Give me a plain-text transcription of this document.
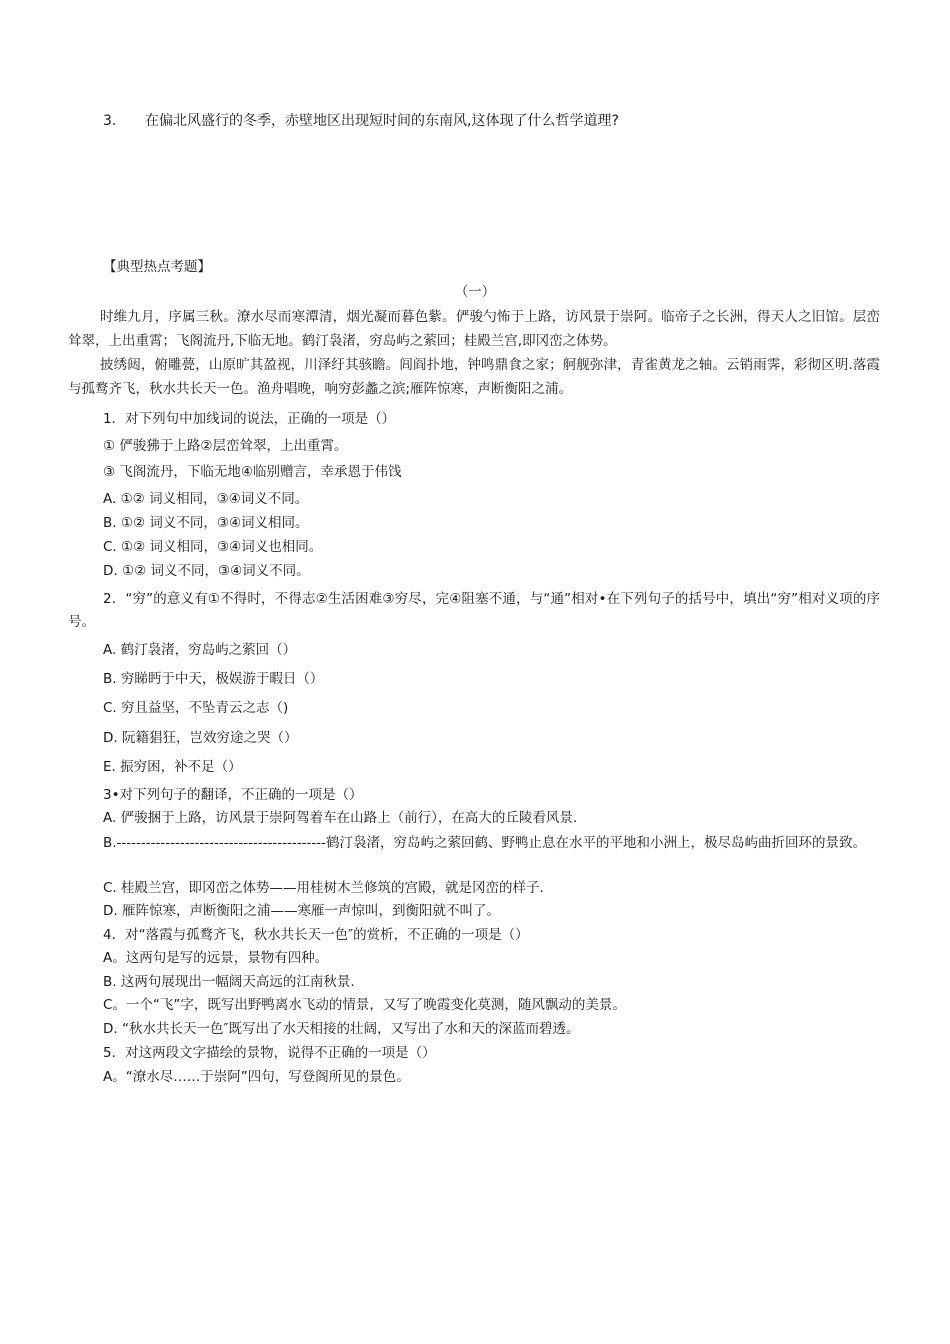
3. 在偏北风盛行的冬季，赤壁地区出现短时间的东南风,这体现了什么哲学道理?
【典型热点考题】
（一）
时维九月，序属三秋。潦水尽而寒潭清，烟光凝而暮色紫。俨骏勺怖于上路，访风景于崇阿。临帝子之长洲，得天人之旧馆。层峦耸翠，上出重霄；飞阁流丹,下临无地。鹤汀袅渚，穷岛屿之萦回；桂殿兰宫,即冈峦之体势。
披绣闼，俯雕甍，山原旷其盈视，川泽纡其骇瞻。闾阎扑地，钟鸣鼎食之家；舸舰弥津，青雀黄龙之轴。云销雨霁，彩彻区明.落霞与孤鹜齐飞，秋水共长天一色。渔舟唱晚，响穷彭蠡之滨;雁阵惊寒，声断衡阳之浦。
1．对下列句中加线词的说法，正确的一项是（）
① 俨骏狒于上路②层峦耸翠，上出重霄。
③ 飞阁流丹，下临无地④临别赠言，幸承恩于伟饯
A. ①② 词义相同，③④词义不同。
B. ①② 词义不同，③④词义相同。
C. ①② 词义相同，③④词义也相同。
D. ①② 词义不同，③④词义不同。
2．“穷”的意义有①不得时，不得志②生活困难③穷尽，完④阻塞不通，与“通”相对•在下列句子的括号中，填出“穷”相对义项的序号。
A. 鹤汀袅渚，穷岛屿之萦回（）
B. 穷睇眄于中天，极娱游于暇日（）
C. 穷且益坚，不坠青云之志（)
D. 阮籍猖狂，岂效穷途之哭（）
E. 振穷困，补不足（）
3•对下列句子的翻译，不正确的一项是（）
A. 俨骏捆于上路，访风景于崇阿驾着车在山路上（前行），在高大的丘陵看风景.
B.-------------------------------------------鹤汀袅渚，穷岛屿之萦回鹤、野鸭止息在水平的平地和小洲上，极尽岛屿曲折回环的景致。
C. 桂殿兰宫，即冈峦之体势——用桂树木兰修筑的宫殿，就是冈峦的样子.
D. 雁阵惊寒，声断衡阳之浦——寒雁一声惊叫，到衡阳就不叫了。
4．对“落霞与孤鹜齐飞，秋水共长天一色″的赏析，不正确的一项是（）
A。这两句是写的远景，景物有四种。
B. 这两句展现出一幅阔天高远的江南秋景.
C。一个“飞”字，既写出野鸭离水飞动的情景，又写了晚霞变化莫测，随风飘动的美景。
D. “秋水共长天一色″既写出了水天相接的壮阔，又写出了水和天的深蓝而碧透。
5．对这两段文字描绘的景物，说得不正确的一项是（）
A。“潦水尽……于崇阿”四句，写登阁所见的景色。
